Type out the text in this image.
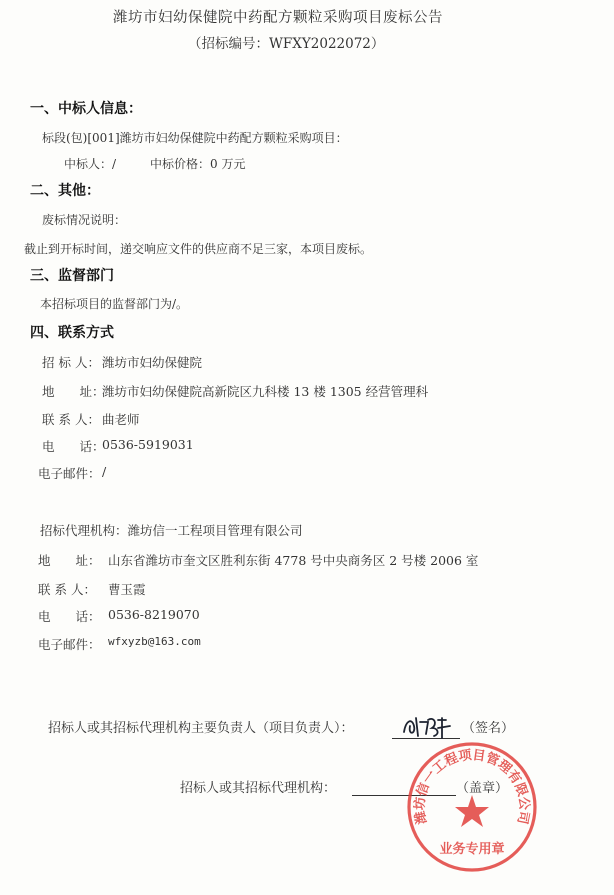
潍坊市妇幼保健院中药配方颗粒采购项目废标公告
（招标编号：WFXY2022072）
一、中标人信息：
标段(包)[001]潍坊市妇幼保健院中药配方颗粒采购项目：
中标人：/	中标价格：0 万元
二、其他：
废标情况说明：
截止到开标时间，递交响应文件的供应商不足三家，本项目废标。
三、监督部门
本招标项目的监督部门为/。
四、联系方式
招 标 人： 潍坊市妇幼保健院
地　　址：
潍坊市妇幼保健院高新院区九科楼 13 楼 1305 经营管理科
联 系 人： 曲老师
电　　话：
0536-5919031
电子邮件： /
招标代理机构：潍坊信一工程项目管理有限公司
地　　址： 山东省潍坊市奎文区胜利东街 4778 号中央商务区 2 号楼 2006 室
联 系 人： 曹玉霞
电　　话： 0536-8219070
电子邮件： wfxyzb@163.com
招标人或其招标代理机构主要负责人（项目负责人）：	（签名）
招标人或其招标代理机构：	（盖章）
潍坊信一工程项目管理有限公司
业务专用章
